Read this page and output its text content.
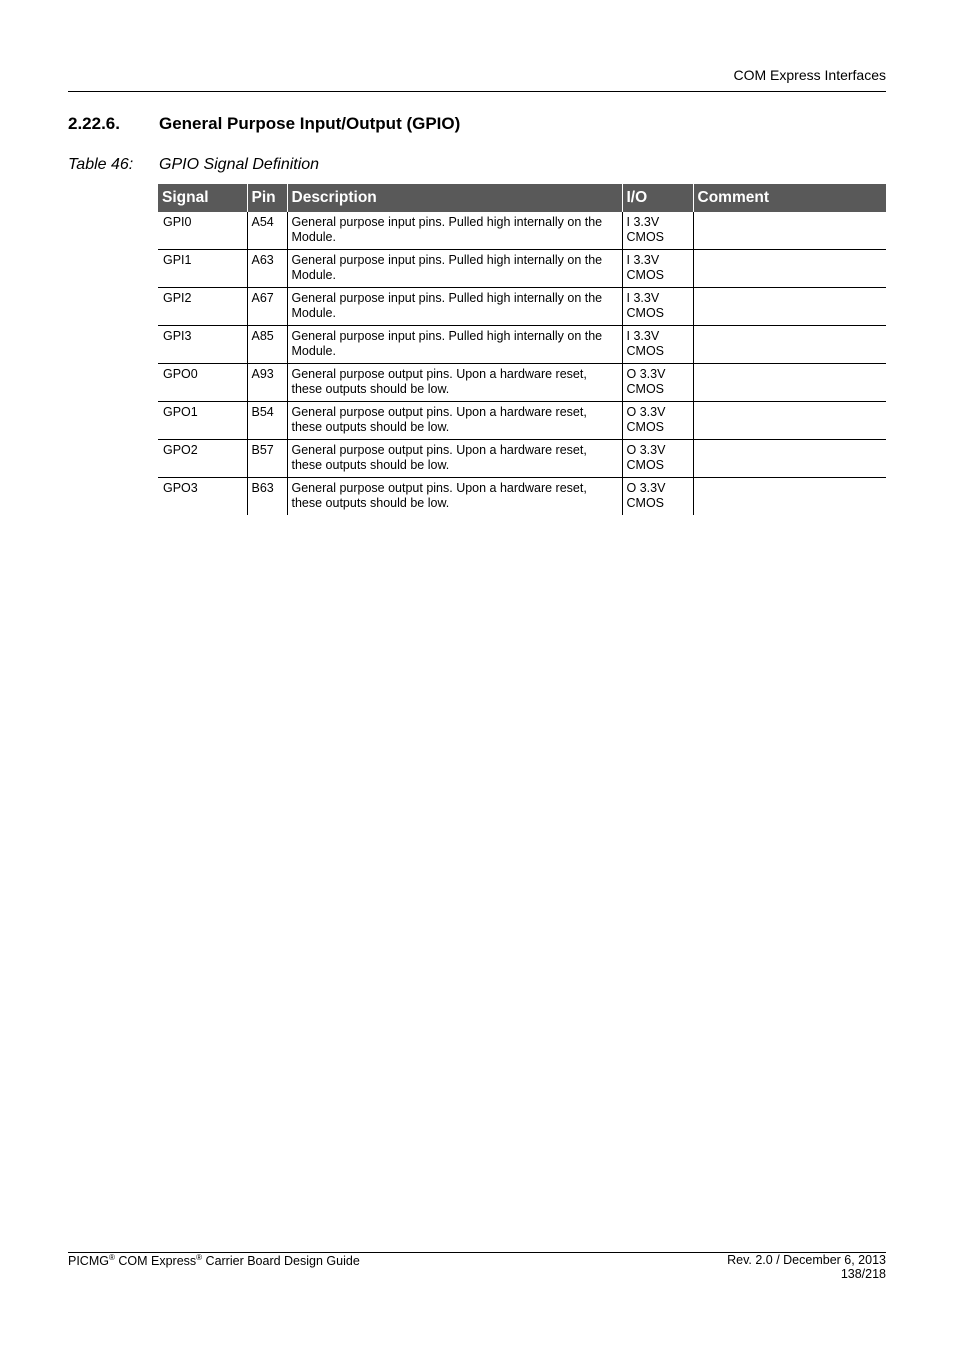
COM Express Interfaces
2.22.6. General Purpose Input/Output (GPIO)
Table 46: GPIO Signal Definition
Signal	Pin	Description	I/O	Comment
GPI0	A54	General purpose input pins. Pulled high internally on the Module.	I 3.3V CMOS	
GPI1	A63	General purpose input pins. Pulled high internally on the Module.	I 3.3V CMOS	
GPI2	A67	General purpose input pins. Pulled high internally on the Module.	I 3.3V CMOS	
GPI3	A85	General purpose input pins. Pulled high internally on the Module.	I 3.3V CMOS	
GPO0	A93	General purpose output pins. Upon a hardware reset, these outputs should be low.	O 3.3V CMOS	
GPO1	B54	General purpose output pins. Upon a hardware reset, these outputs should be low.	O 3.3V CMOS	
GPO2	B57	General purpose output pins. Upon a hardware reset, these outputs should be low.	O 3.3V CMOS	
GPO3	B63	General purpose output pins. Upon a hardware reset, these outputs should be low.	O 3.3V CMOS	
PICMG® COM Express® Carrier Board Design Guide	Rev. 2.0 / December 6, 2013
138/218
